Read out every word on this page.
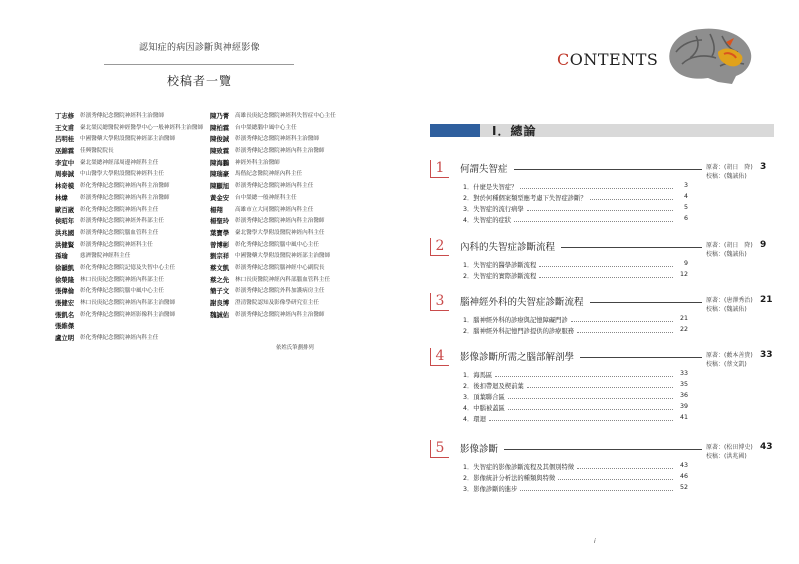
認知症的病因診斷與神經影像
校稿者一覽
丁志修	彰濱秀傳紀念醫院神經科主治醫師	陳乃菁	高雄長庚紀念醫院神經科失智症中心主任
王文甫	臺北榮民總醫院神經醫學中心一般神經科主治醫師	陳柏霖	台中榮總腦中風中心主任
呂明桂	中國醫藥大學附設醫院神經部主治醫師	陳俊誠	彰濱秀傳紀念醫院神經科主治醫師
巫錦霖	佳興醫院院長	陳致霖	彰濱秀傳紀念醫院神經內科主治醫師
李宜中	臺北榮總神經部周邊神經科主任	陳海鵬	神經外科主治醫師
周泰誠	中山醫學大學附設醫院神經科主任	陳瑞豪	馬偕紀念醫院神經內科主任
林奇模	彰化秀傳紀念醫院神經內科主治醫師	陳顯旭	彰濱秀傳紀念醫院神經內科主任
林煒	彰濱秀傳紀念醫院神經內科主治醫師	黃金安	台中榮總一般神經科主任
歐百崴	彰化秀傳紀念醫院神經內科主任	楊翔	高雄市立大同醫院神經內科主任
侯昭年	彰濱秀傳紀念醫院神經外科部主任	楊聖玲	彰濱秀傳紀念醫院神經內科主治醫師
洪兆國	彰濱秀傳紀念醫院腦血管科主任	葉寶學	臺北醫學大學附設醫院神經內科主任
洪健賢	彰濱秀傳紀念醫院神經科主任	曾博彬	彰化秀傳紀念醫院腦中風中心主任
孫瑜	慈濟醫院神經科主任	劉宗祥	中國醫藥大學附設醫院神經部主治醫師
徐韻凱	彰化秀傳紀念醫院記憶及失智中心主任	蔡文凱	彰濱秀傳紀念醫院腦神經中心副院長
徐榮隆	林口長庚紀念醫院神經內科部主任	蔡之先	林口長庚醫院神經內科部腦血管科主任
張偉倫	彰化秀傳紀念醫院腦中風中心主任	簡子文	彰濱秀傳紀念醫院外科加護病房主任
張健宏	林口長庚紀念醫院神經內科部主治醫師	謝良博	澄清醫院認知及影像學研究室主任
張凱名	彰化秀傳紀念醫院神經影像科主治醫師	魏誠佑	彰濱秀傳紀念醫院神經內科主治醫師
張維傑
盧立明	彰化秀傳紀念醫院神經內科主任
依姓氏筆劃排列
CONTENTS
I．總論
1	何謂失智症	原著：(胡日　降)
校稿：(魏誠佑)
3
1．什麼是失智症？	3
2．對於何種個案類型應考慮下失智症診斷？	4
3．失智症的流行病學	5
4．失智症的症狀	6
2	內科的失智症診斷流程	原著：(胡日　降)
校稿：(魏誠佑)
9
1．失智症的醫學診斷流程	9
2．失智症的實際診斷流程	12
3	腦神經外科的失智症診斷流程	原著：(唐澤秀治)
校稿：(魏誠佑)
21
1．腦神經外科的診療與記憶障礙門診	21
2．腦神經外科記憶門診提供的診療服務	22
4	影像診斷所需之腦部解剖學	原著：(藪本善貴)
校稿：(蔡文凱)
33
1．海馬區	33
2．後扣帶迴及楔前葉	35
3．頂葉聯合區	36
4．中腦被蓋區	39
4．環迴	41
5	影像診斷	原著：(松田博史)
校稿：(洪兆國)
43
1．失智症的影像診斷流程及其個別特徵	43
2．影像統計分析法的種類與特徵	46
3．影像診斷的進步	52
i
